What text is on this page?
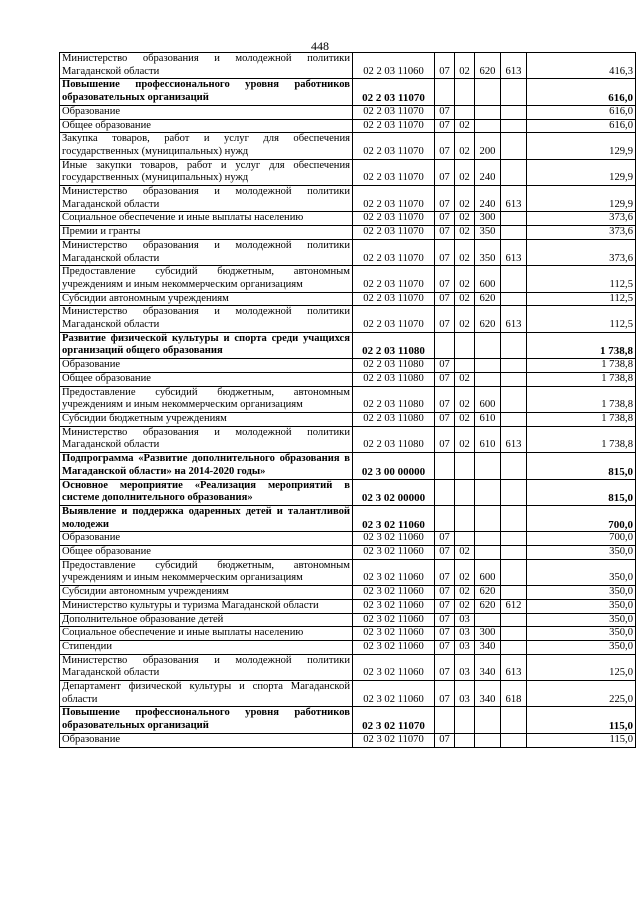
448
Министерство образования и молодежной политики Магаданской области	02 2 03 11060	07	02	620	613	416,3
Повышение профессионального уровня работников образовательных организаций	02 2 03 11070					616,0
Образование	02 2 03 11070	07				616,0
Общее образование	02 2 03 11070	07	02			616,0
Закупка товаров, работ и услуг для обеспечения государственных (муниципальных) нужд	02 2 03 11070	07	02	200		129,9
Иные закупки товаров, работ и услуг для обеспечения государственных (муниципальных) нужд	02 2 03 11070	07	02	240		129,9
Министерство образования и молодежной политики Магаданской области	02 2 03 11070	07	02	240	613	129,9
Социальное обеспечение и иные выплаты населению	02 2 03 11070	07	02	300		373,6
Премии и гранты	02 2 03 11070	07	02	350		373,6
Министерство образования и молодежной политики Магаданской области	02 2 03 11070	07	02	350	613	373,6
Предоставление субсидий бюджетным, автономным учреждениям и иным некоммерческим организациям	02 2 03 11070	07	02	600		112,5
Субсидии автономным учреждениям	02 2 03 11070	07	02	620		112,5
Министерство образования и молодежной политики Магаданской области	02 2 03 11070	07	02	620	613	112,5
Развитие физической культуры и спорта среди учащихся организаций общего образования	02 2 03 11080					1 738,8
Образование	02 2 03 11080	07				1 738,8
Общее образование	02 2 03 11080	07	02			1 738,8
Предоставление субсидий бюджетным, автономным учреждениям и иным некоммерческим организациям	02 2 03 11080	07	02	600		1 738,8
Субсидии бюджетным учреждениям	02 2 03 11080	07	02	610		1 738,8
Министерство образования и молодежной политики Магаданской области	02 2 03 11080	07	02	610	613	1 738,8
Подпрограмма «Развитие дополнительного образования в Магаданской области» на 2014-2020 годы»	02 3 00 00000					815,0
Основное мероприятие «Реализация мероприятий в системе дополнительного образования»	02 3 02 00000					815,0
Выявление и поддержка одаренных детей и талантливой молодежи	02 3 02 11060					700,0
Образование	02 3 02 11060	07				700,0
Общее образование	02 3 02 11060	07	02			350,0
Предоставление субсидий бюджетным, автономным учреждениям и иным некоммерческим организациям	02 3 02 11060	07	02	600		350,0
Субсидии автономным учреждениям	02 3 02 11060	07	02	620		350,0
Министерство культуры и туризма Магаданской области	02 3 02 11060	07	02	620	612	350,0
Дополнительное образование детей	02 3 02 11060	07	03			350,0
Социальное обеспечение и иные выплаты населению	02 3 02 11060	07	03	300		350,0
Стипендии	02 3 02 11060	07	03	340		350,0
Министерство образования и молодежной политики Магаданской области	02 3 02 11060	07	03	340	613	125,0
Департамент физической культуры и спорта Магаданской области	02 3 02 11060	07	03	340	618	225,0
Повышение профессионального уровня работников образовательных организаций	02 3 02 11070					115,0
Образование	02 3 02 11070	07				115,0
